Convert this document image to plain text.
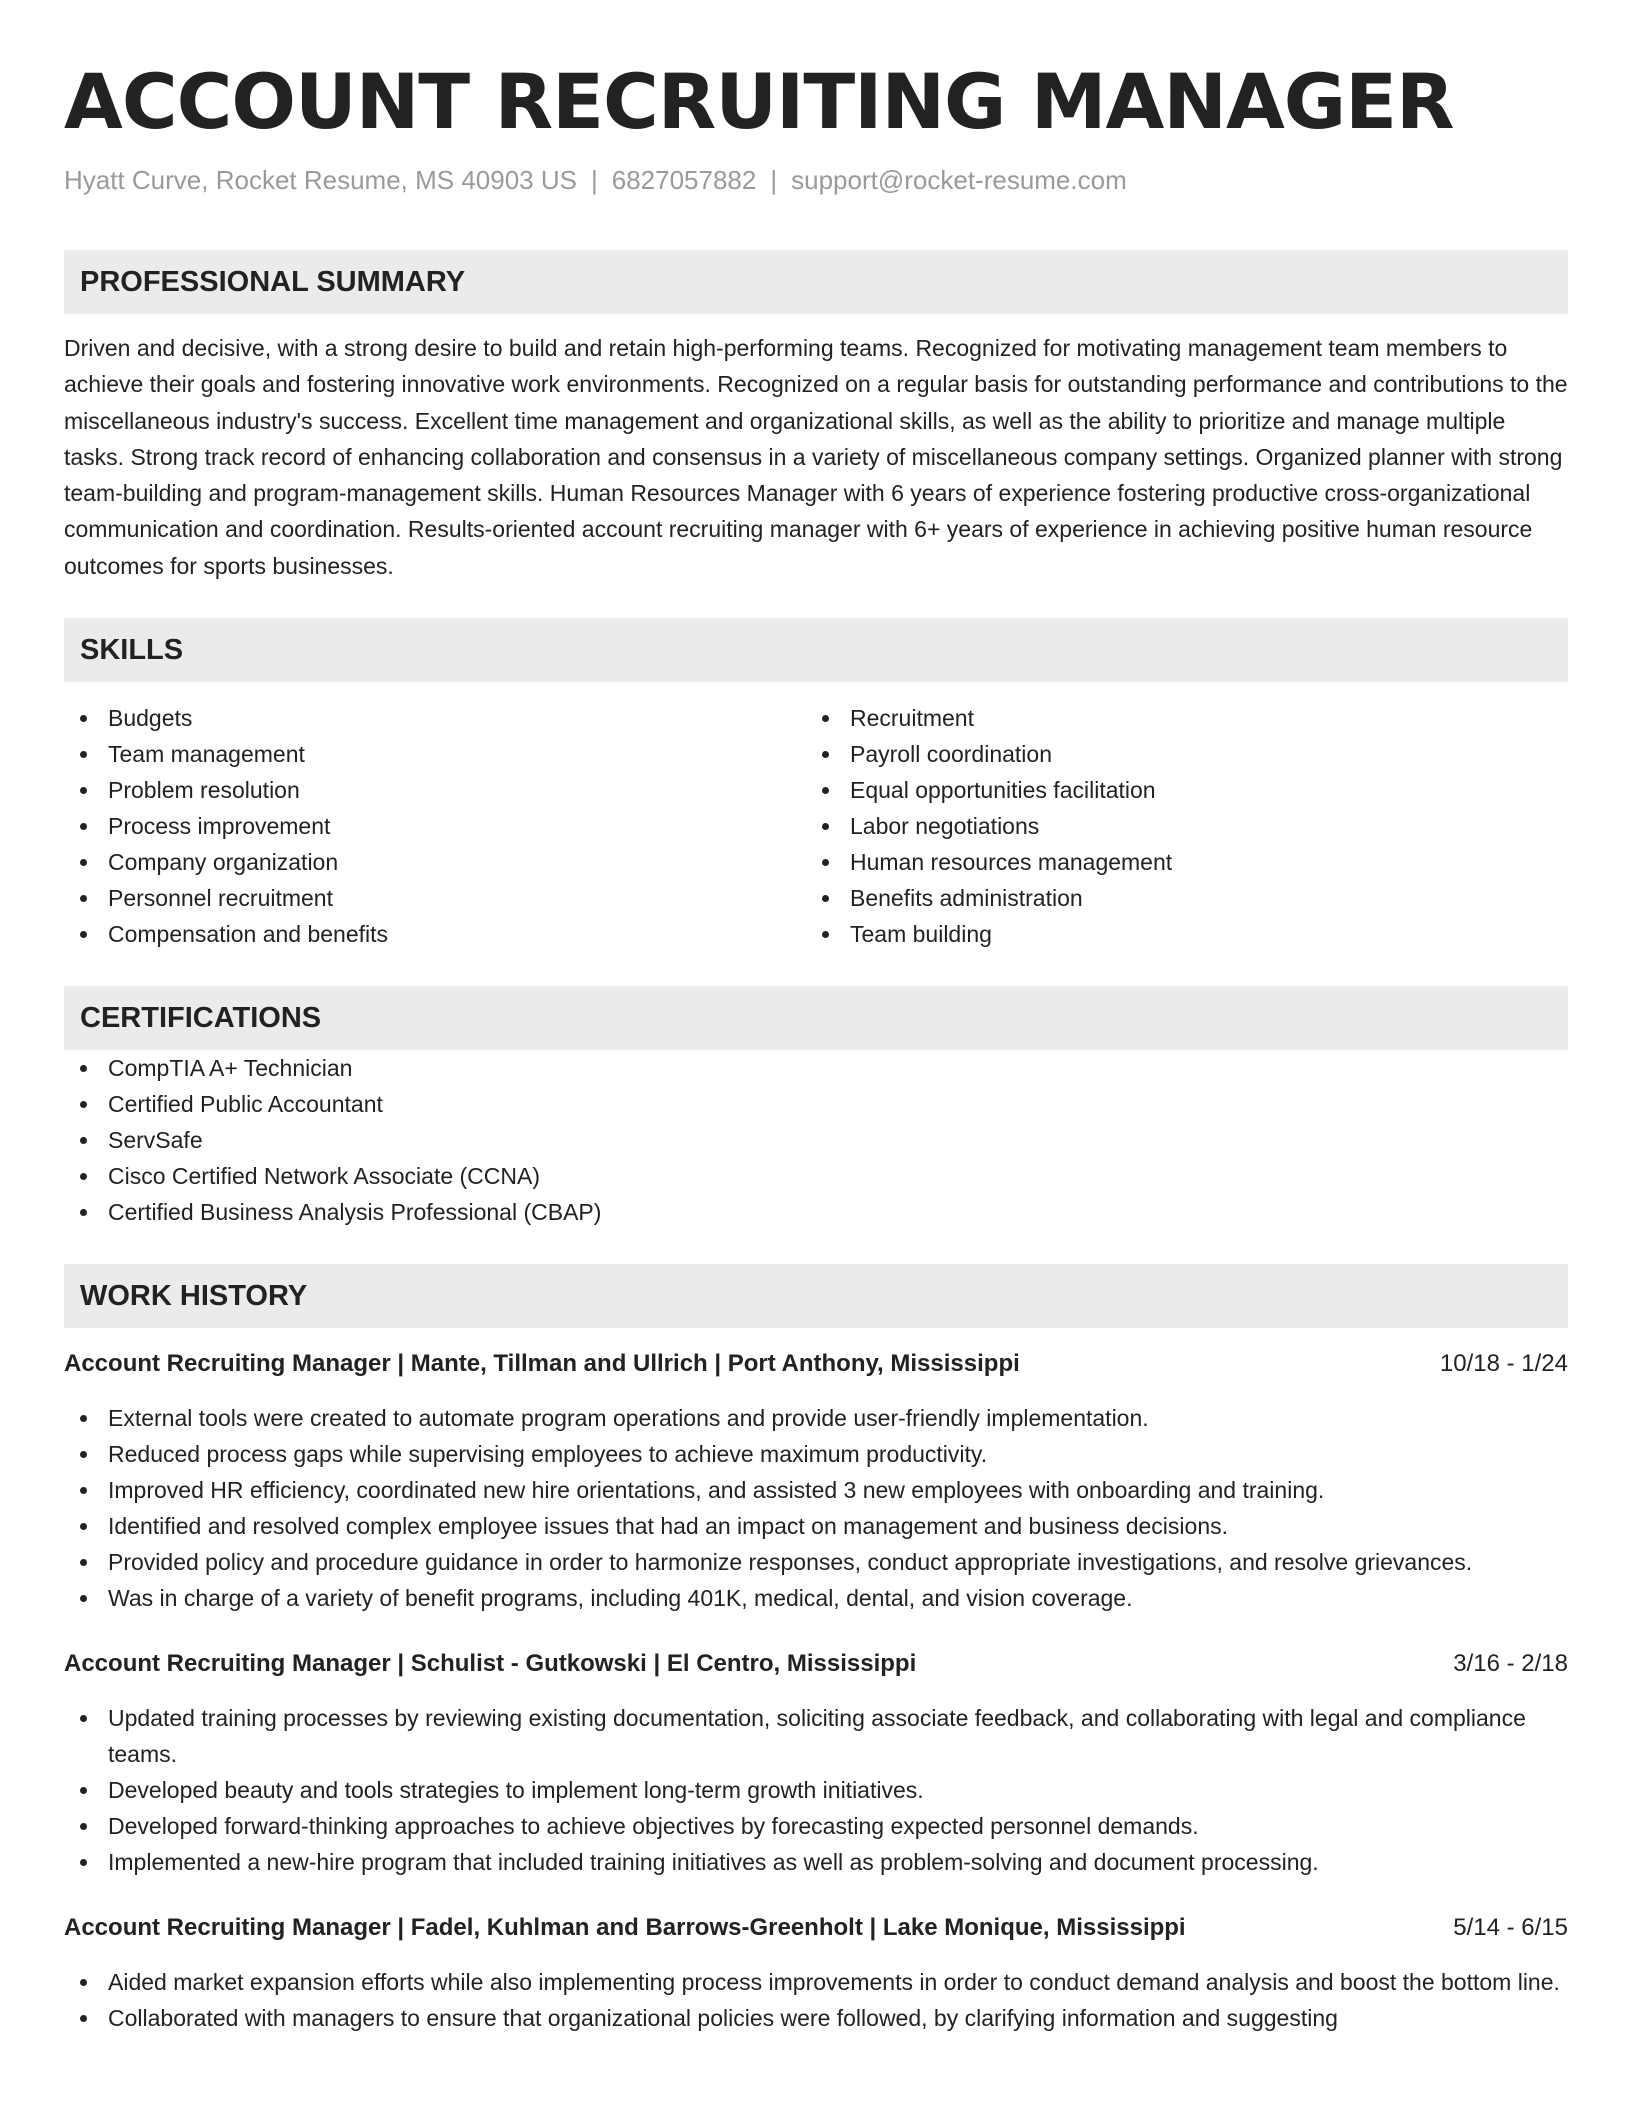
ACCOUNT RECRUITING MANAGER
Hyatt Curve, Rocket Resume, MS 40903 US | 6827057882 | support@rocket-resume.com
PROFESSIONAL SUMMARY

Driven and decisive, with a strong desire to build and retain high-performing teams. Recognized for motivating management team members to achieve their goals and fostering innovative work environments. Recognized on a regular basis for outstanding performance and contributions to the miscellaneous industry's success. Excellent time management and organizational skills, as well as the ability to prioritize and manage multiple tasks. Strong track record of enhancing collaboration and consensus in a variety of miscellaneous company settings. Organized planner with strong team-building and program-management skills. Human Resources Manager with 6 years of experience fostering productive cross-organizational communication and coordination. Results-oriented account recruiting manager with 6+ years of experience in achieving positive human resource outcomes for sports businesses.

SKILLS
Budgets
Team management
Problem resolution
Process improvement
Company organization
Personnel recruitment
Compensation and benefits
Recruitment
Payroll coordination
Equal opportunities facilitation
Labor negotiations
Human resources management
Benefits administration
Team building
CERTIFICATIONS
CompTIA A+ Technician
Certified Public Accountant
ServSafe
Cisco Certified Network Associate (CCNA)
Certified Business Analysis Professional (CBAP)
WORK HISTORY
Account Recruiting Manager | Mante, Tillman and Ullrich | Port Anthony, Mississippi	10/18 - 1/24
External tools were created to automate program operations and provide user-friendly implementation.
Reduced process gaps while supervising employees to achieve maximum productivity.
Improved HR efficiency, coordinated new hire orientations, and assisted 3 new employees with onboarding and training.
Identified and resolved complex employee issues that had an impact on management and business decisions.
Provided policy and procedure guidance in order to harmonize responses, conduct appropriate investigations, and resolve grievances.
Was in charge of a variety of benefit programs, including 401K, medical, dental, and vision coverage.
Account Recruiting Manager | Schulist - Gutkowski | El Centro, Mississippi	3/16 - 2/18
Updated training processes by reviewing existing documentation, soliciting associate feedback, and collaborating with legal and compliance teams.
Developed beauty and tools strategies to implement long-term growth initiatives.
Developed forward-thinking approaches to achieve objectives by forecasting expected personnel demands.
Implemented a new-hire program that included training initiatives as well as problem-solving and document processing.
Account Recruiting Manager | Fadel, Kuhlman and Barrows-Greenholt | Lake Monique, Mississippi	5/14 - 6/15
Aided market expansion efforts while also implementing process improvements in order to conduct demand analysis and boost the bottom line.
Collaborated with managers to ensure that organizational policies were followed, by clarifying information and suggesting
